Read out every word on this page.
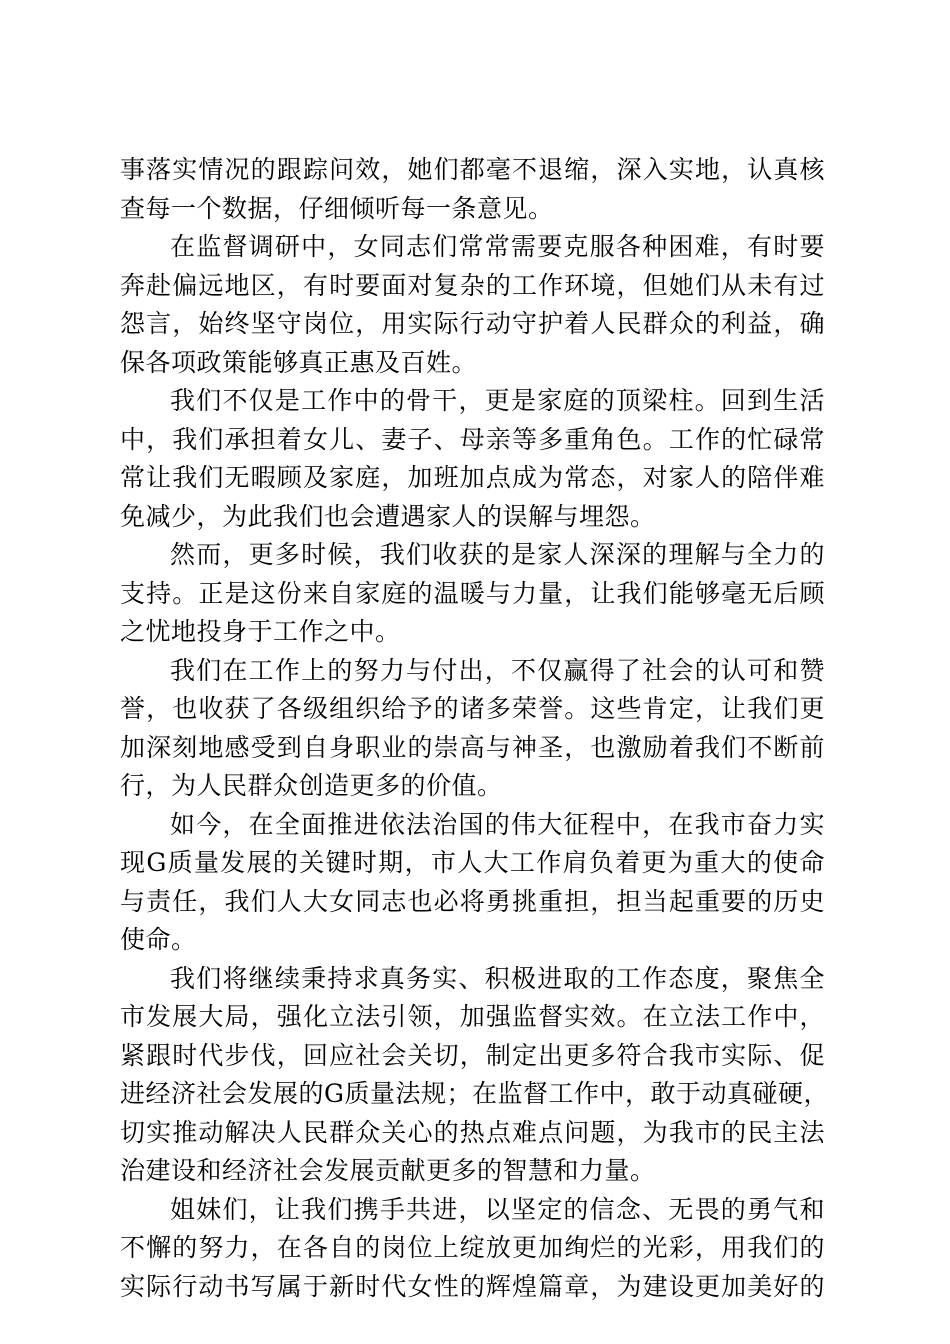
事落实情况的跟踪问效，她们都毫不退缩，深入实地，认真核
查每一个数据，仔细倾听每一条意见。
在监督调研中，女同志们常常需要克服各种困难，有时要
奔赴偏远地区，有时要面对复杂的工作环境，但她们从未有过
怨言，始终坚守岗位，用实际行动守护着人民群众的利益，确
保各项政策能够真正惠及百姓。
我们不仅是工作中的骨干，更是家庭的顶梁柱。回到生活
中，我们承担着女儿、妻子、母亲等多重角色。工作的忙碌常
常让我们无暇顾及家庭，加班加点成为常态，对家人的陪伴难
免减少，为此我们也会遭遇家人的误解与埋怨。
然而，更多时候，我们收获的是家人深深的理解与全力的
支持。正是这份来自家庭的温暖与力量，让我们能够毫无后顾
之忧地投身于工作之中。
我们在工作上的努力与付出，不仅赢得了社会的认可和赞
誉，也收获了各级组织给予的诸多荣誉。这些肯定，让我们更
加深刻地感受到自身职业的崇高与神圣，也激励着我们不断前
行，为人民群众创造更多的价值。
如今，在全面推进依法治国的伟大征程中，在我市奋力实
现G质量发展的关键时期，市人大工作肩负着更为重大的使命
与责任，我们人大女同志也必将勇挑重担，担当起重要的历史
使命。
我们将继续秉持求真务实、积极进取的工作态度，聚焦全
市发展大局，强化立法引领，加强监督实效。在立法工作中，
紧跟时代步伐，回应社会关切，制定出更多符合我市实际、促
进经济社会发展的G质量法规；在监督工作中，敢于动真碰硬，
切实推动解决人民群众关心的热点难点问题，为我市的民主法
治建设和经济社会发展贡献更多的智慧和力量。
姐妹们，让我们携手共进，以坚定的信念、无畏的勇气和
不懈的努力，在各自的岗位上绽放更加绚烂的光彩，用我们的
实际行动书写属于新时代女性的辉煌篇章，为建设更加美好的
